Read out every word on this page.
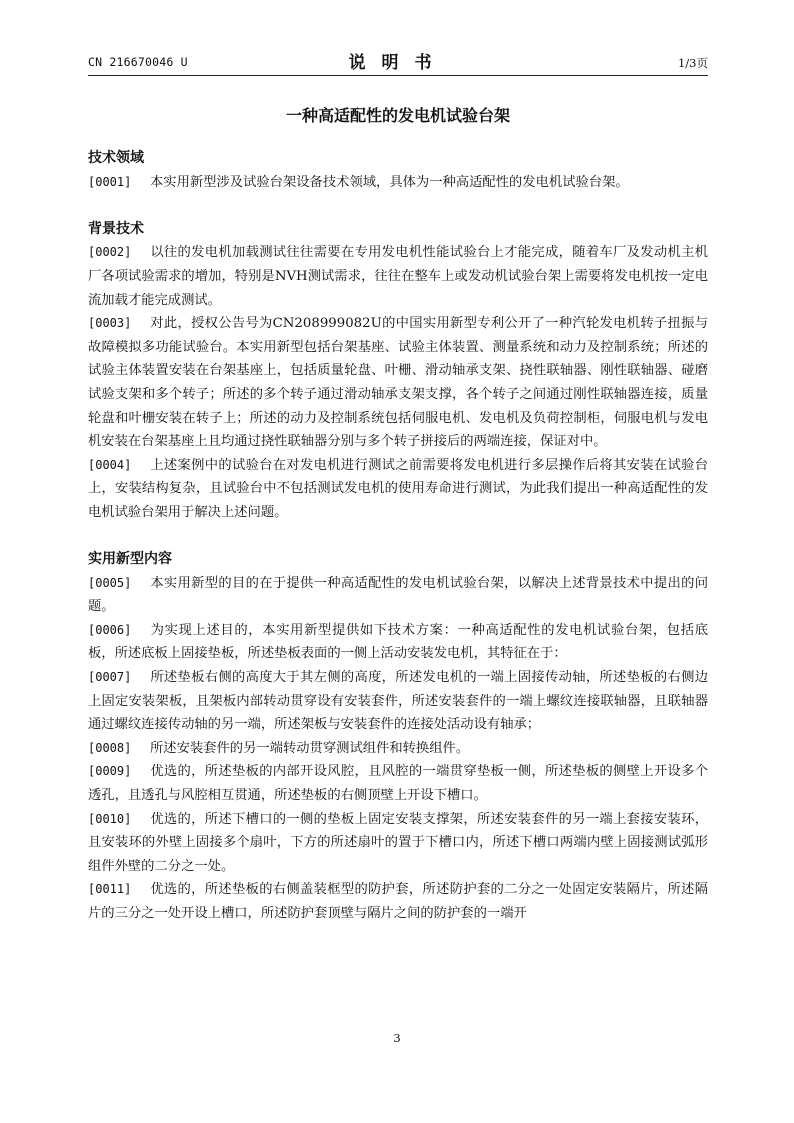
CN 216670046 U	说明书	1/3页
一种高适配性的发电机试验台架
技术领域
[0001] 本实用新型涉及试验台架设备技术领域，具体为一种高适配性的发电机试验台架。
背景技术
[0002] 以往的发电机加载测试往往需要在专用发电机性能试验台上才能完成，随着车厂及发动机主机厂各项试验需求的增加，特别是NVH测试需求，往往在整车上或发动机试验台架上需要将发电机按一定电流加载才能完成测试。
[0003] 对此，授权公告号为CN208999082U的中国实用新型专利公开了一种汽轮发电机转子扭振与故障模拟多功能试验台。本实用新型包括台架基座、试验主体装置、测量系统和动力及控制系统；所述的试验主体装置安装在台架基座上，包括质量轮盘、叶栅、滑动轴承支架、挠性联轴器、刚性联轴器、碰磨试验支架和多个转子；所述的多个转子通过滑动轴承支架支撑，各个转子之间通过刚性联轴器连接，质量轮盘和叶栅安装在转子上；所述的动力及控制系统包括伺服电机、发电机及负荷控制柜，伺服电机与发电机安装在台架基座上且均通过挠性联轴器分别与多个转子拼接后的两端连接，保证对中。
[0004] 上述案例中的试验台在对发电机进行测试之前需要将发电机进行多层操作后将其安装在试验台上，安装结构复杂，且试验台中不包括测试发电机的使用寿命进行测试，为此我们提出一种高适配性的发电机试验台架用于解决上述问题。
实用新型内容
[0005] 本实用新型的目的在于提供一种高适配性的发电机试验台架，以解决上述背景技术中提出的问题。
[0006] 为实现上述目的，本实用新型提供如下技术方案：一种高适配性的发电机试验台架，包括底板，所述底板上固接垫板，所述垫板表面的一侧上活动安装发电机，其特征在于：
[0007] 所述垫板右侧的高度大于其左侧的高度，所述发电机的一端上固接传动轴，所述垫板的右侧边上固定安装架板，且架板内部转动贯穿设有安装套件，所述安装套件的一端上螺纹连接联轴器，且联轴器通过螺纹连接传动轴的另一端，所述架板与安装套件的连接处活动设有轴承；
[0008] 所述安装套件的另一端转动贯穿测试组件和转换组件。
[0009] 优选的，所述垫板的内部开设风腔，且风腔的一端贯穿垫板一侧，所述垫板的侧壁上开设多个透孔，且透孔与风腔相互贯通，所述垫板的右侧顶壁上开设下槽口。
[0010] 优选的，所述下槽口的一侧的垫板上固定安装支撑架，所述安装套件的另一端上套接安装环，且安装环的外壁上固接多个扇叶，下方的所述扇叶的置于下槽口内，所述下槽口两端内壁上固接测试弧形组件外壁的二分之一处。
[0011] 优选的，所述垫板的右侧盖装框型的防护套，所述防护套的二分之一处固定安装隔片，所述隔片的三分之一处开设上槽口，所述防护套顶壁与隔片之间的防护套的一端开
3
